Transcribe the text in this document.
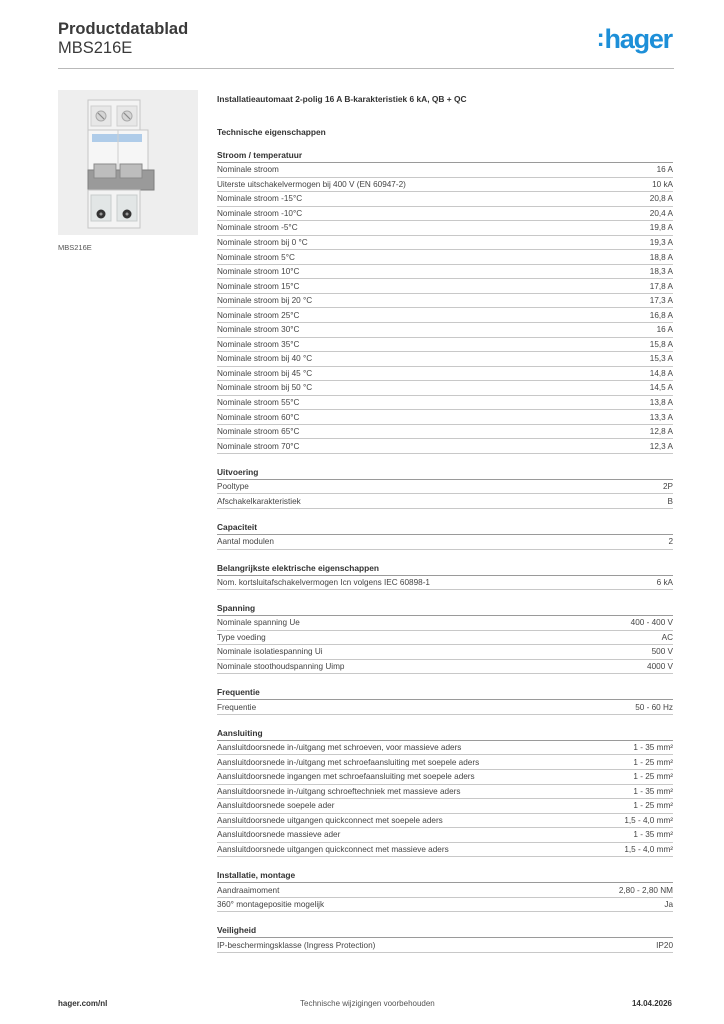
Productdatablad
MBS216E	:hager
MBS216E
Installatieautomaat 2-polig 16 A B-karakteristiek 6 kA, QB + QC
Technische eigenschappen
Stroom / temperatuur
Nominale stroom	16 A
Uiterste uitschakelvermogen bij 400 V (EN 60947-2)	10 kA
Nominale stroom -15°C	20,8 A
Nominale stroom -10°C	20,4 A
Nominale stroom -5°C	19,8 A
Nominale stroom bij 0 °C	19,3 A
Nominale stroom 5°C	18,8 A
Nominale stroom 10°C	18,3 A
Nominale stroom 15°C	17,8 A
Nominale stroom bij 20 °C	17,3 A
Nominale stroom 25°C	16,8 A
Nominale stroom 30°C	16 A
Nominale stroom 35°C	15,8 A
Nominale stroom bij 40 °C	15,3 A
Nominale stroom bij 45 °C	14,8 A
Nominale stroom bij 50 °C	14,5 A
Nominale stroom 55°C	13,8 A
Nominale stroom 60°C	13,3 A
Nominale stroom 65°C	12,8 A
Nominale stroom 70°C	12,3 A
Uitvoering
Pooltype	2P
Afschakelkarakteristiek	B
Capaciteit
Aantal modulen	2
Belangrijkste elektrische eigenschappen
Nom. kortsluitafschakelvermogen Icn volgens IEC 60898-1	6 kA
Spanning
Nominale spanning Ue	400 - 400 V
Type voeding	AC
Nominale isolatiespanning Ui	500 V
Nominale stoothoudspanning Uimp	4000 V
Frequentie
Frequentie	50 - 60 Hz
Aansluiting
Aansluitdoorsnede in-/uitgang met schroeven, voor massieve aders	1 - 35 mm²
Aansluitdoorsnede in-/uitgang met schroefaansluiting met soepele aders	1 - 25 mm²
Aansluitdoorsnede ingangen met schroefaansluiting met soepele aders	1 - 25 mm²
Aansluitdoorsnede in-/uitgang schroeftechniek met massieve aders	1 - 35 mm²
Aansluitdoorsnede soepele ader	1 - 25 mm²
Aansluitdoorsnede uitgangen quickconnect met soepele aders	1,5 - 4,0 mm²
Aansluitdoorsnede massieve ader	1 - 35 mm²
Aansluitdoorsnede uitgangen quickconnect met massieve aders	1,5 - 4,0 mm²
Installatie, montage
Aandraaimoment	2,80 - 2,80 NM
360° montagepositie mogelijk	Ja
Veiligheid
IP-beschermingsklasse (Ingress Protection)	IP20
hager.com/nl	Technische wijzigingen voorbehouden	14.04.2026
